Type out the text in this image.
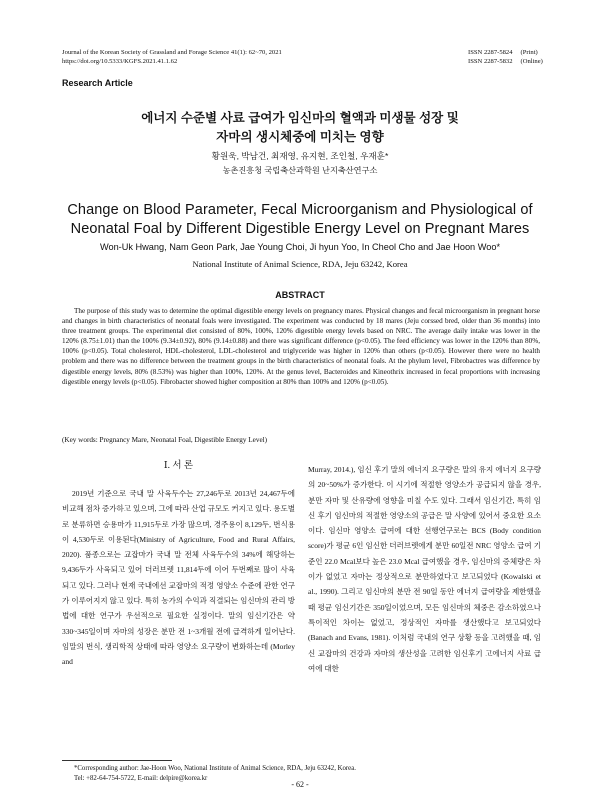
Journal of the Korean Society of Grassland and Forage Science 41(1): 62~70, 2021
https://doi.org/10.5333/KGFS.2021.41.1.62
ISSN 2287-5824 (Print)
ISSN 2287-5832 (Online)
Research Article
에너지 수준별 사료 급여가 임신마의 혈액과 미생물 성장 및
자마의 생시체중에 미치는 영향
황원욱, 박남건, 최재영, 유지현, 조인철, 우재훈*
농촌진흥청 국립축산과학원 난지축산연구소
Change on Blood Parameter, Fecal Microorganism and Physiological of
Neonatal Foal by Different Digestible Energy Level on Pregnant Mares
Won-Uk Hwang, Nam Geon Park, Jae Young Choi, Ji hyun Yoo, In Cheol Cho and Jae Hoon Woo*
National Institute of Animal Science, RDA, Jeju 63242, Korea
ABSTRACT

The purpose of this study was to determine the optimal digestible energy levels on pregnancy mares. Physical changes and fecal microorganism in pregnant horse and changes in birth characteristics of neonatal foals were investigated. The experiment was conducted by 18 mares (Jeju corssed bred, older than 36 months) into three treatment groups. The experimental diet consisted of 80%, 100%, 120% digestible energy levels based on NRC. The average daily intake was lower in the 120% (8.75±1.01) than the 100% (9.34±0.92), 80% (9.14±0.88) and there was significant difference (p<0.05). The feed efficiency was lower in the 120% than 80%, 100% (p<0.05). Total cholesterol, HDL-cholesterol, LDL-cholesterol and triglyceride was higher in 120% than others (p<0.05). However there were no health problem and there was no difference between the treatment groups in the birth characteristics of neonatal foals. At the phylum level, Fibrobactres was difference by digestible energy levels, 80% (8.53%) was higher than 100%, 120%. At the genus level, Bacteroides and Kineothrix increased in fecal proportions with increasing digestible energy levels (p<0.05). Fibrobacter showed higher composition at 80% than 100% and 120% (p<0.05).

(Key words: Pregnancy Mare, Neonatal Foal, Digestible Energy Level)
Ⅰ. 서 론

2019년 기준으로 국내 말 사육두수는 27,246두로 2013년 24,467두에 비교해 점차 증가하고 있으며, 그에 따라 산업 규모도 커지고 있다. 용도별로 분류하면 승용마가 11,915두로 가장 많으며, 경주용이 8,129두, 번식용이 4,530두로 이용된다(Ministry of Agriculture, Food and Rural Affairs, 2020). 품종으로는 교잡마가 국내 말 전체 사육두수의 34%에 해당하는 9,436두가 사육되고 있어 더러브렛 11,814두에 이어 두번째로 많이 사육되고 있다. 그러나 현재 국내에선 교잡마의 적정 영양소 수준에 관한 연구가 이루어지지 않고 있다. 특히 농가의 수익과 직결되는 임신마의 관리 방법에 대한 연구가 우선적으로 필요한 실정이다. 말의 임신기간은 약 330~345일이며 자마의 성장은 분만 전 1~3개월 전에 급격하게 일어난다. 임말의 번식, 생리학적 상태에 따라 영양소 요구량이 변화하는데 (Morley and

Murray, 2014.), 임신 후기 말의 에너지 요구량은 말의 유지 에너지 요구량의 20~50%가 증가한다. 이 시기에 적절한 영양소가 공급되지 않을 경우, 분만 자마 및 산유량에 영향을 미칠 수도 있다. 그래서 임신기간, 특히 임신 후기 임신마의 적절한 영양소의 공급은 말 사양에 있어서 중요한 요소이다. 임신마 영양소 급여에 대한 선행연구로는 BCS (Body condition score)가 평균 6인 임신한 더러브렛에게 분만 60일전 NRC 영양소 급여 기준인 22.0 Mcal보다 높은 23.0 Mcal 급여했을 경우, 임신마의 증체량은 차이가 없었고 자마는 정상적으로 분만하였다고 보고되었다 (Kowalski et al., 1990). 그리고 임신마의 분만 전 90일 동안 에너지 급여량을 제한했을 때 평균 임신기간은 350일이었으며, 모든 임신마의 체중은 감소하였으나 특이적인 차이는 없었고, 정상적인 자마를 생산했다고 보고되었다 (Banach and Evans, 1981). 이처럼 국내의 연구 상황 등을 고려했을 때, 임신 교잡마의 건강과 자마의 생산성을 고려한 임신후기 고에너지 사료 급여에 대한

*Corresponding author: Jae-Hoon Woo, National Institute of Animal Science, RDA, Jeju 63242, Korea.
Tel: +82-64-754-5722, E-mail: delpire@korea.kr
- 62 -
